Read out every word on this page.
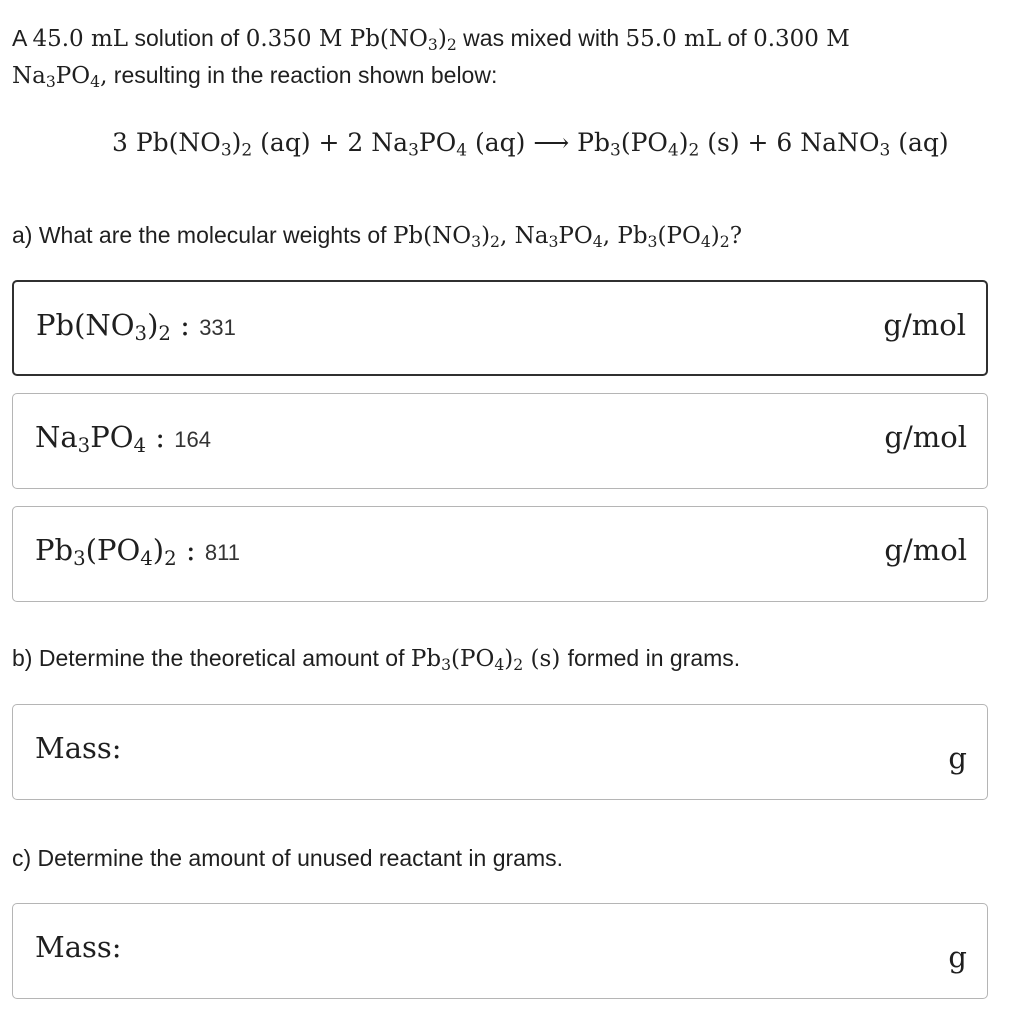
A 45.0 mL solution of 0.350 M $Pb(NO_3)_2$ was mixed with 55.0 mL of 0.300 M
$Na_3PO_4$, resulting in the reaction shown below:
3 $Pb(NO_3)_2$ (aq) + 2 $Na_3PO_4$ (aq) ⟶ $Pb_3(PO_4)_2$ (s) + 6 NaNO$_3$ (aq)
a) What are the molecular weights of $Pb(NO_3)_2$, $Na_3PO_4$, $Pb_3(PO_4)_2$?
$Pb(NO_3)_2$ : 331	g/mol
$Na_3PO_4$ : 164	g/mol
$Pb_3(PO_4)_2$ : 811	g/mol
b) Determine the theoretical amount of $Pb_3(PO_4)_2$ (s) formed in grams.
Mass:	g
c) Determine the amount of unused reactant in grams.
Mass:	g
